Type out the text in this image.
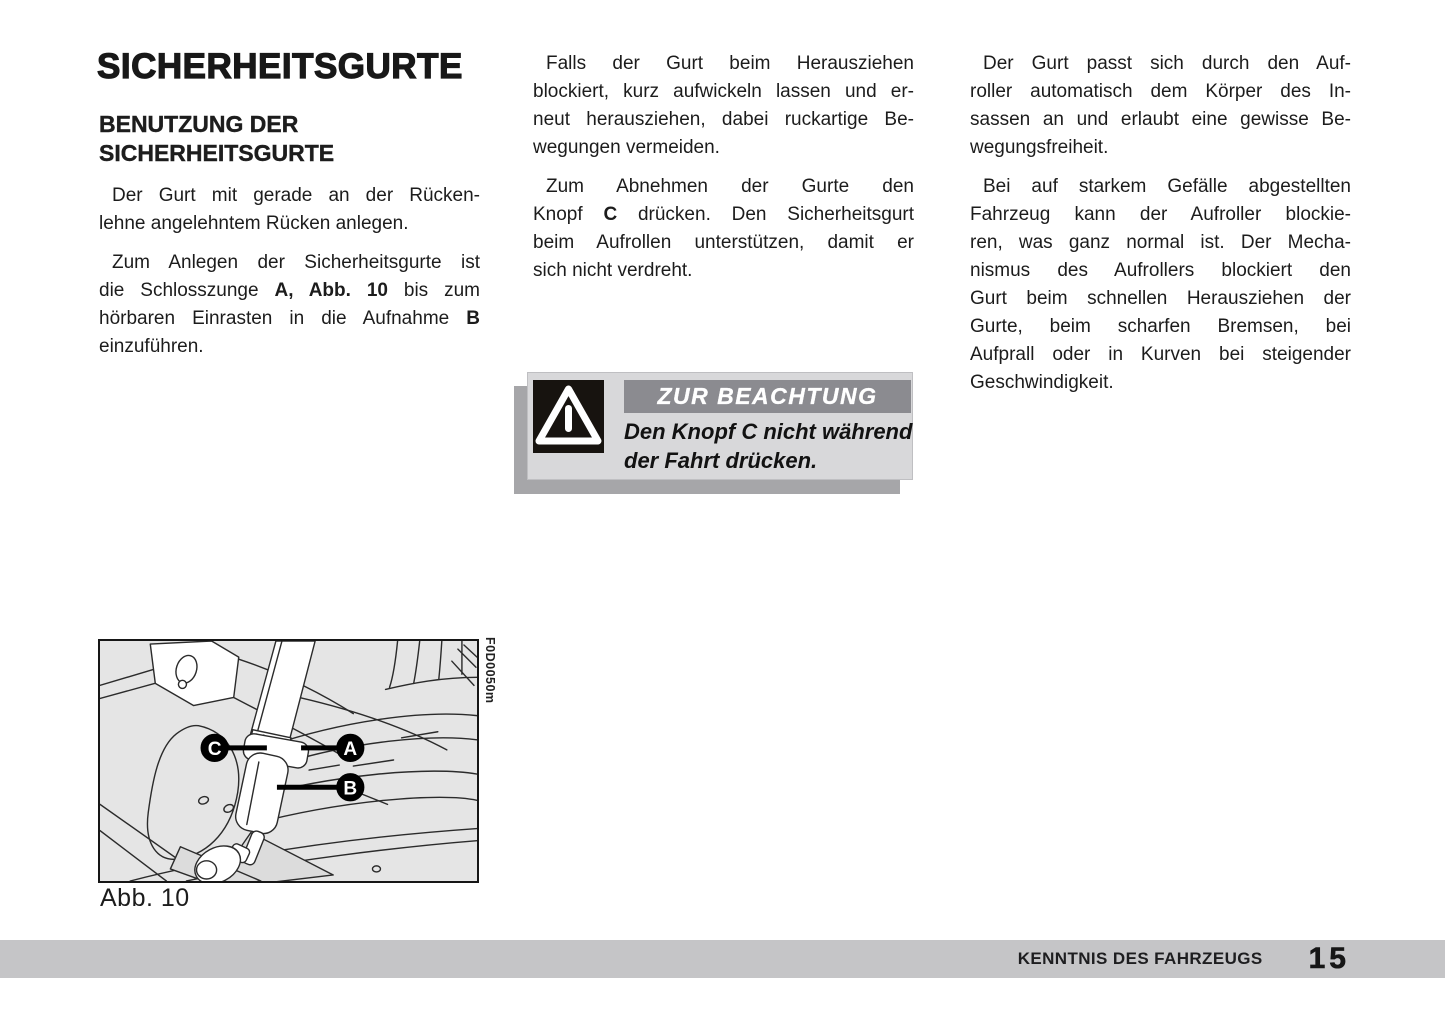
SICHERHEITSGURTE
BENUTZUNG DER
SICHERHEITSGURTE
Der Gurt mit gerade an der Rücken-
lehne angelehntem Rücken anlegen.
Zum Anlegen der Sicherheitsgurte ist
die Schlosszunge A, Abb. 10 bis zum
hörbaren Einrasten in die Aufnahme B
einzuführen.
Falls der Gurt beim Herausziehen
blockiert, kurz aufwickeln lassen und er-
neut herausziehen, dabei ruckartige Be-
wegungen vermeiden.
Zum Abnehmen der Gurte den
Knopf C drücken. Den Sicherheitsgurt
beim Aufrollen unterstützen, damit er
sich nicht verdreht.
Der Gurt passt sich durch den Auf-
roller automatisch dem Körper des In-
sassen an und erlaubt eine gewisse Be-
wegungsfreiheit.
Bei auf starkem Gefälle abgestellten
Fahrzeug kann der Aufroller blockie-
ren, was ganz normal ist. Der Mecha-
nismus des Aufrollers blockiert den
Gurt beim schnellen Herausziehen der
Gurte, beim scharfen Bremsen, bei
Aufprall oder in Kurven bei steigender
Geschwindigkeit.
ZUR BEACHTUNG
Den Knopf C nicht während
der Fahrt drücken.
C	A
B
F0D0050m
Abb. 10
KENNTNIS DES FAHRZEUGS 15
